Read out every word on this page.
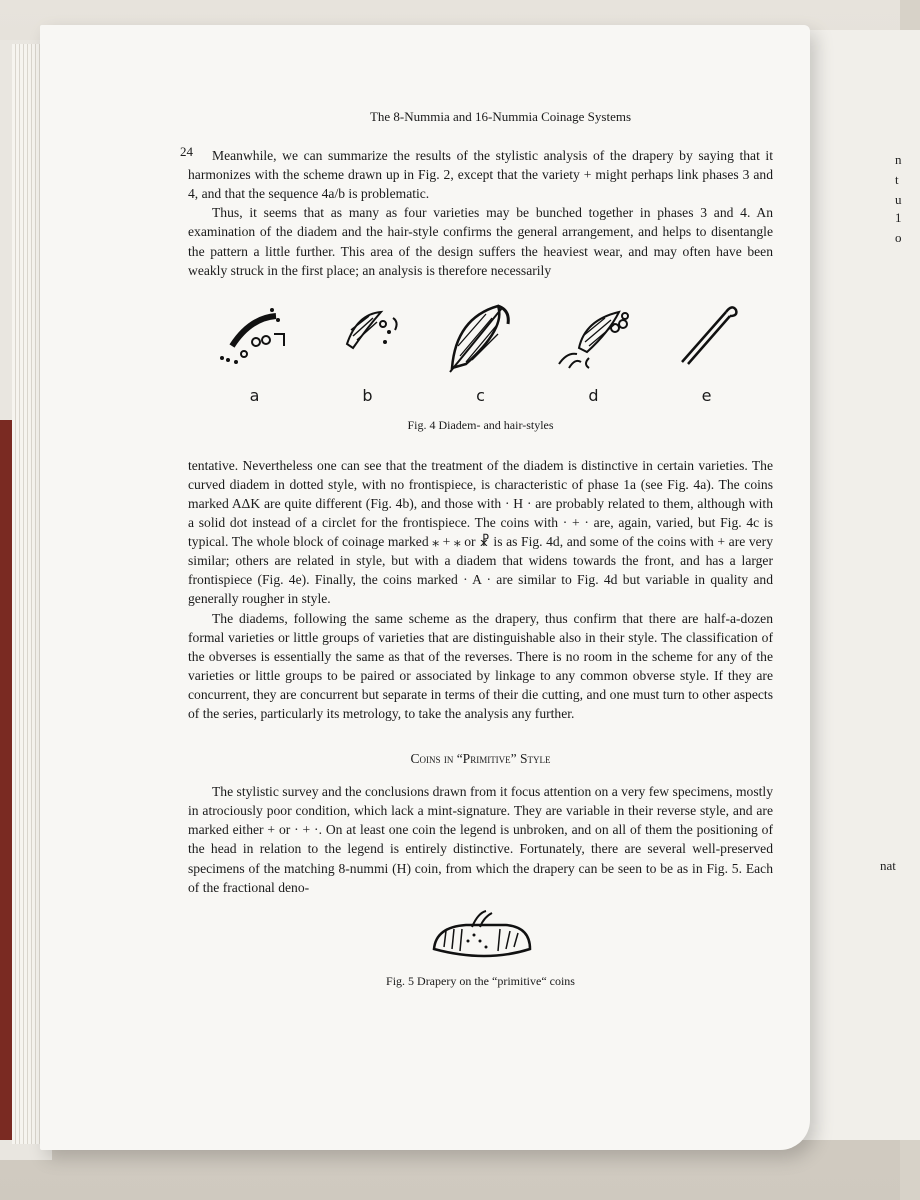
n
t
u
1
o
nat
24
The 8-Nummia and 16-Nummia Coinage Systems

Meanwhile, we can summarize the results of the stylistic analysis of the drapery by saying that it harmonizes with the scheme drawn up in Fig. 2, except that the variety + might perhaps link phases 3 and 4, and that the sequence 4a/b is problematic.

Thus, it seems that as many as four varieties may be bunched together in phases 3 and 4. An examination of the diadem and the hair-style confirms the general arrangement, and helps to disentangle the pattern a little further. This area of the design suffers the heaviest wear, and may often have been weakly struck in the first place; an analysis is therefore necessarily

a	b	c	d	e
Fig. 4 Diadem- and hair-styles

tentative. Nevertheless one can see that the treatment of the diadem is distinctive in certain varieties. The curved diadem in dotted style, with no frontispiece, is characteristic of phase 1a (see Fig. 4a). The coins marked AΔK are quite different (Fig. 4b), and those with · H · are probably related to them, although with a solid dot instead of a circlet for the frontispiece. The coins with · + · are, again, varied, but Fig. 4c is typical. The whole block of coinage marked ⁎ + ⁎ or ☧ is as Fig. 4d, and some of the coins with + are very similar; others are related in style, but with a diadem that widens towards the front, and has a larger frontispiece (Fig. 4e). Finally, the coins marked · A · are similar to Fig. 4d but variable in quality and generally rougher in style.

The diadems, following the same scheme as the drapery, thus confirm that there are half-a-dozen formal varieties or little groups of varieties that are distinguishable also in their style. The classification of the obverses is essentially the same as that of the reverses. There is no room in the scheme for any of the varieties or little groups to be paired or associated by linkage to any common obverse style. If they are concurrent, they are concurrent but separate in terms of their die cutting, and one must turn to other aspects of the series, particularly its metrology, to take the analysis any further.

Coins in “Primitive” Style

The stylistic survey and the conclusions drawn from it focus attention on a very few specimens, mostly in atrociously poor condition, which lack a mint-signature. They are variable in their reverse style, and are marked either + or · + ·. On at least one coin the legend is unbroken, and on all of them the positioning of the head in relation to the legend is entirely distinctive. Fortunately, there are several well-preserved specimens of the matching 8-nummi (H) coin, from which the drapery can be seen to be as in Fig. 5. Each of the fractional deno-

Fig. 5 Drapery on the “primitive“ coins
